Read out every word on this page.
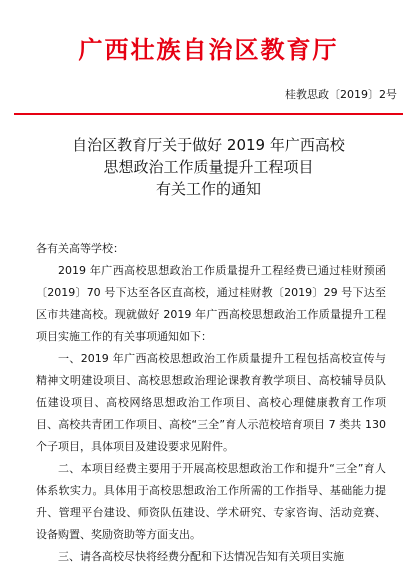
广西壮族自治区教育厅
桂教思政〔2019〕2号
自治区教育厅关于做好 2019 年广西高校
思想政治工作质量提升工程项目
有关工作的通知

各有关高等学校：

2019 年广西高校思想政治工作质量提升工程经费已通过桂财预函〔2019〕70 号下达至各区直高校，通过桂财教〔2019〕29 号下达至区市共建高校。现就做好 2019 年广西高校思想政治工作质量提升工程项目实施工作的有关事项通知如下：

一、2019 年广西高校思想政治工作质量提升工程包括高校宣传与精神文明建设项目、高校思想政治理论课教育教学项目、高校辅导员队伍建设项目、高校网络思想政治工作项目、高校心理健康教育工作项目、高校共青团工作项目、高校“三全”育人示范校培育项目 7 类共 130 个子项目，具体项目及建设要求见附件。

二、本项目经费主要用于开展高校思想政治工作和提升“三全”育人体系软实力。具体用于高校思想政治工作所需的工作指导、基础能力提升、管理平台建设、师资队伍建设、学术研究、专家咨询、活动竞赛、设备购置、奖励资助等方面支出。

三、请各高校尽快将经费分配和下达情况告知有关项目实施
